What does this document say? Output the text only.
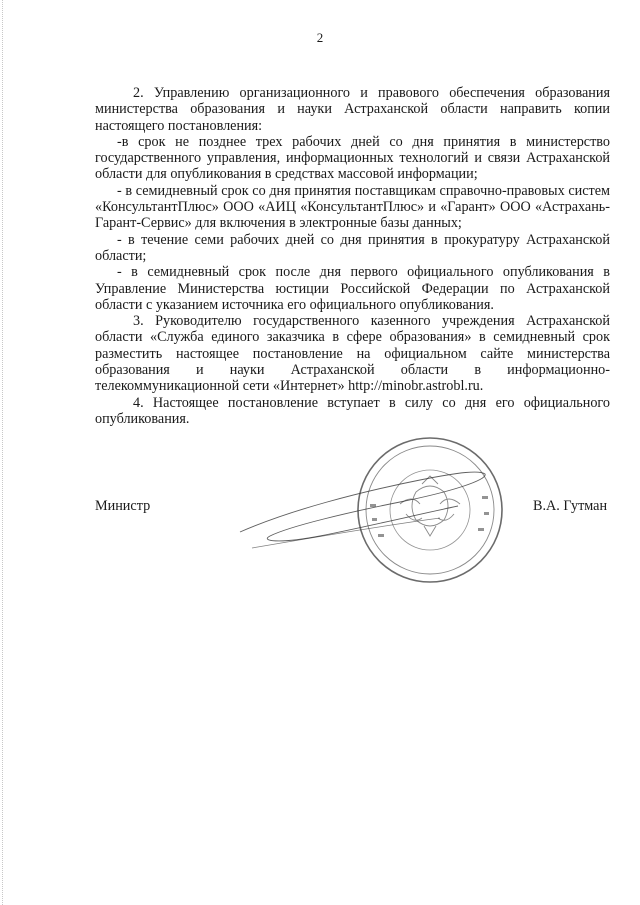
2

2. Управлению организационного и правового обеспечения образования министерства образования и науки Астраханской области направить копии настоящего постановления:

-в срок не позднее трех рабочих дней со дня принятия в министерство государственного управления, информационных технологий и связи Астраханской области для опубликования в средствах массовой информации;

- в семидневный срок со дня принятия поставщикам справочно-правовых систем «КонсультантПлюс» ООО «АИЦ «КонсультантПлюс» и «Гарант» ООО «Астрахань-Гарант-Сервис» для включения в электронные базы данных;

- в течение семи рабочих дней со дня принятия в прокуратуру Астраханской области;

- в семидневный срок после дня первого официального опубликования в Управление Министерства юстиции Российской Федерации по Астраханской области с указанием источника его официального опубликования.

3. Руководителю государственного казенного учреждения Астраханской области «Служба единого заказчика в сфере образования» в семидневный срок разместить настоящее постановление на официальном сайте министерства образования и науки Астраханской области в информационно-телекоммуникационной сети «Интернет» http://minobr.astrobl.ru.

4. Настоящее постановление вступает в силу со дня его официального опубликования.

Министр	В.А. Гутман
